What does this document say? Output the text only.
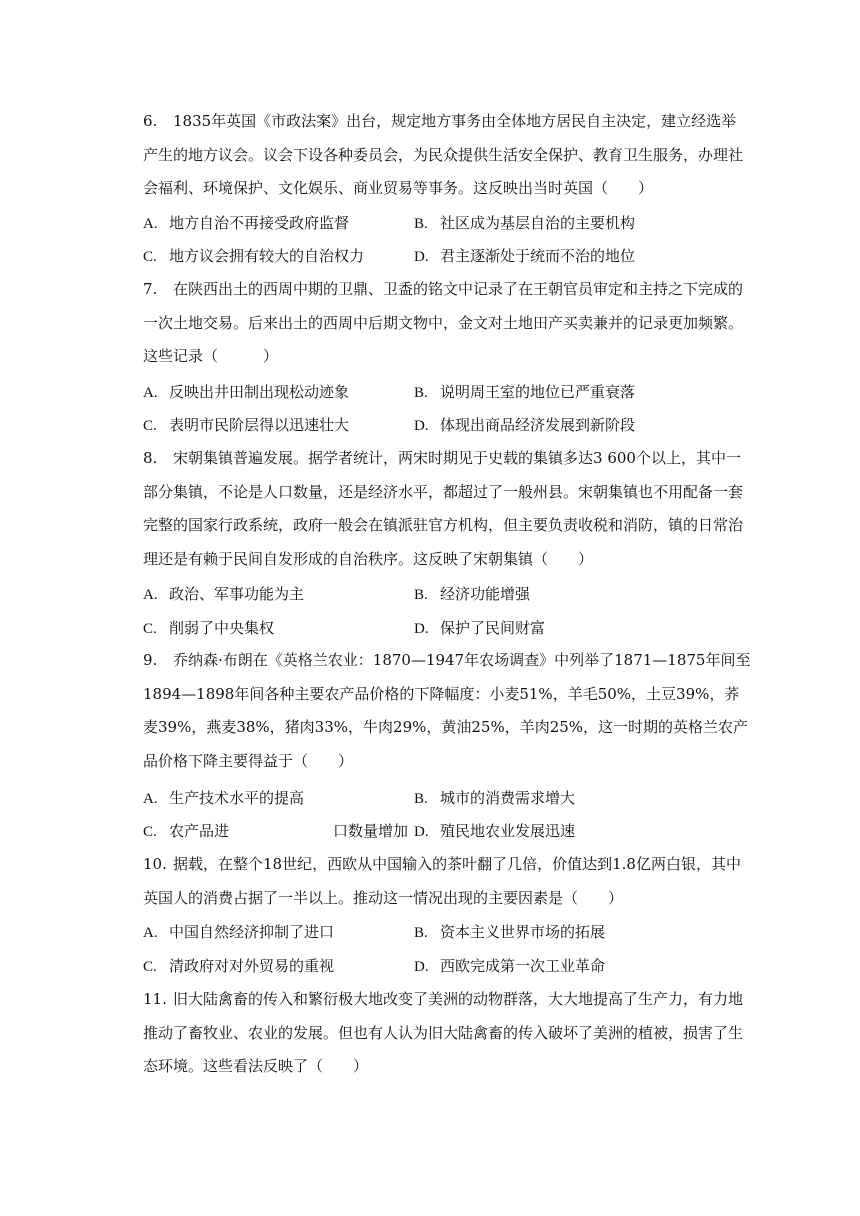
6. 1835年英国《市政法案》出台，规定地方事务由全体地方居民自主决定，建立经选举产生的地方议会。议会下设各种委员会，为民众提供生活安全保护、教育卫生服务，办理社会福利、环境保护、文化娱乐、商业贸易等事务。这反映出当时英国（　　）
A. 地方自治不再接受政府监督	B. 社区成为基层自治的主要机构
C. 地方议会拥有较大的自治权力	D. 君主逐渐处于统而不治的地位
7. 在陕西出土的西周中期的卫鼎、卫盉的铭文中记录了在王朝官员审定和主持之下完成的一次土地交易。后来出土的西周中后期文物中，金文对土地田产买卖兼并的记录更加频繁。这些记录（　　　）
A. 反映出井田制出现松动迹象	B. 说明周王室的地位已严重衰落
C. 表明市民阶层得以迅速壮大	D. 体现出商品经济发展到新阶段
8. 宋朝集镇普遍发展。据学者统计，两宋时期见于史载的集镇多达3 600个以上，其中一部分集镇，不论是人口数量，还是经济水平，都超过了一般州县。宋朝集镇也不用配备一套完整的国家行政系统，政府一般会在镇派驻官方机构，但主要负责收税和消防，镇的日常治理还是有赖于民间自发形成的自治秩序。这反映了宋朝集镇（　　）
A. 政治、军事功能为主	B. 经济功能增强
C. 削弱了中央集权	D. 保护了民间财富
9. 乔纳森·布朗在《英格兰农业：1870—1947年农场调查》中列举了1871—1875年间至1894—1898年间各种主要农产品价格的下降幅度：小麦51%，羊毛50%，土豆39%，荞麦39%，燕麦38%，猪肉33%，牛肉29%，黄油25%，羊肉25%，这一时期的英格兰农产品价格下降主要得益于（　　）
A. 生产技术水平的提高	B. 城市的消费需求增大
C. 农产品进	口数量增加 D. 殖民地农业发展迅速
10. 据载，在整个18世纪，西欧从中国输入的茶叶翻了几倍，价值达到1.8亿两白银，其中英国人的消费占据了一半以上。推动这一情况出现的主要因素是（　　）
A. 中国自然经济抑制了进口	B. 资本主义世界市场的拓展
C. 清政府对对外贸易的重视	D. 西欧完成第一次工业革命
11. 旧大陆禽畜的传入和繁衍极大地改变了美洲的动物群落，大大地提高了生产力，有力地推动了畜牧业、农业的发展。但也有人认为旧大陆禽畜的传入破坏了美洲的植被，损害了生态环境。这些看法反映了（　　）
